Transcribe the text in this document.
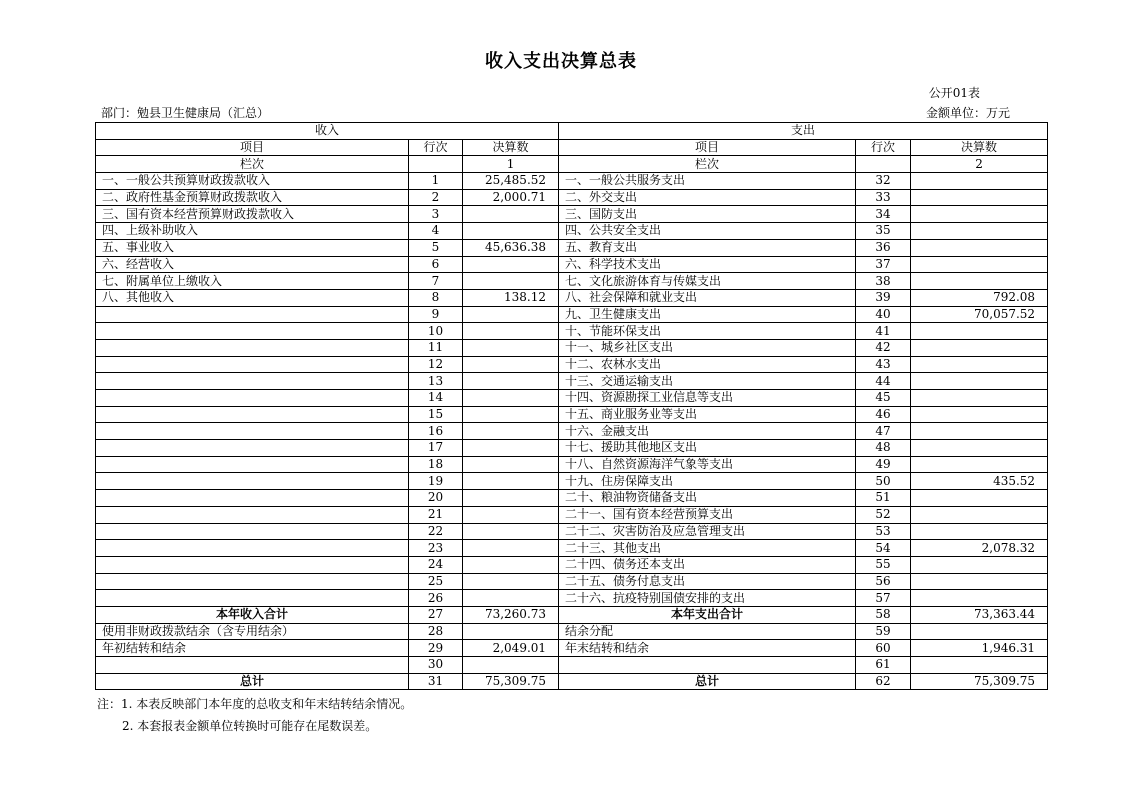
收入支出决算总表
公开01表
部门：勉县卫生健康局（汇总）	金额单位：万元
收入			支出		
项目	行次	决算数	项目	行次	决算数
栏次		1	栏次		2
一、一般公共预算财政拨款收入	1	25,485.52	一、一般公共服务支出	32	
二、政府性基金预算财政拨款收入	2	2,000.71	二、外交支出	33	
三、国有资本经营预算财政拨款收入	3		三、国防支出	34	
四、上级补助收入	4		四、公共安全支出	35	
五、事业收入	5	45,636.38	五、教育支出	36	
六、经营收入	6		六、科学技术支出	37	
七、附属单位上缴收入	7		七、文化旅游体育与传媒支出	38	
八、其他收入	8	138.12	八、社会保障和就业支出	39	792.08
	9		九、卫生健康支出	40	70,057.52
	10		十、节能环保支出	41	
	11		十一、城乡社区支出	42	
	12		十二、农林水支出	43	
	13		十三、交通运输支出	44	
	14		十四、资源勘探工业信息等支出	45	
	15		十五、商业服务业等支出	46	
	16		十六、金融支出	47	
	17		十七、援助其他地区支出	48	
	18		十八、自然资源海洋气象等支出	49	
	19		十九、住房保障支出	50	435.52
	20		二十、粮油物资储备支出	51	
	21		二十一、国有资本经营预算支出	52	
	22		二十二、灾害防治及应急管理支出	53	
	23		二十三、其他支出	54	2,078.32
	24		二十四、债务还本支出	55	
	25		二十五、债务付息支出	56	
	26		二十六、抗疫特别国债安排的支出	57	
本年收入合计	27	73,260.73	本年支出合计	58	73,363.44
使用非财政拨款结余（含专用结余）	28		结余分配	59	
年初结转和结余	29	2,049.01	年末结转和结余	60	1,946.31
	30			61	
总计	31	75,309.75	总计	62	75,309.75
注：1. 本表反映部门本年度的总收支和年末结转结余情况。
2. 本套报表金额单位转换时可能存在尾数误差。
